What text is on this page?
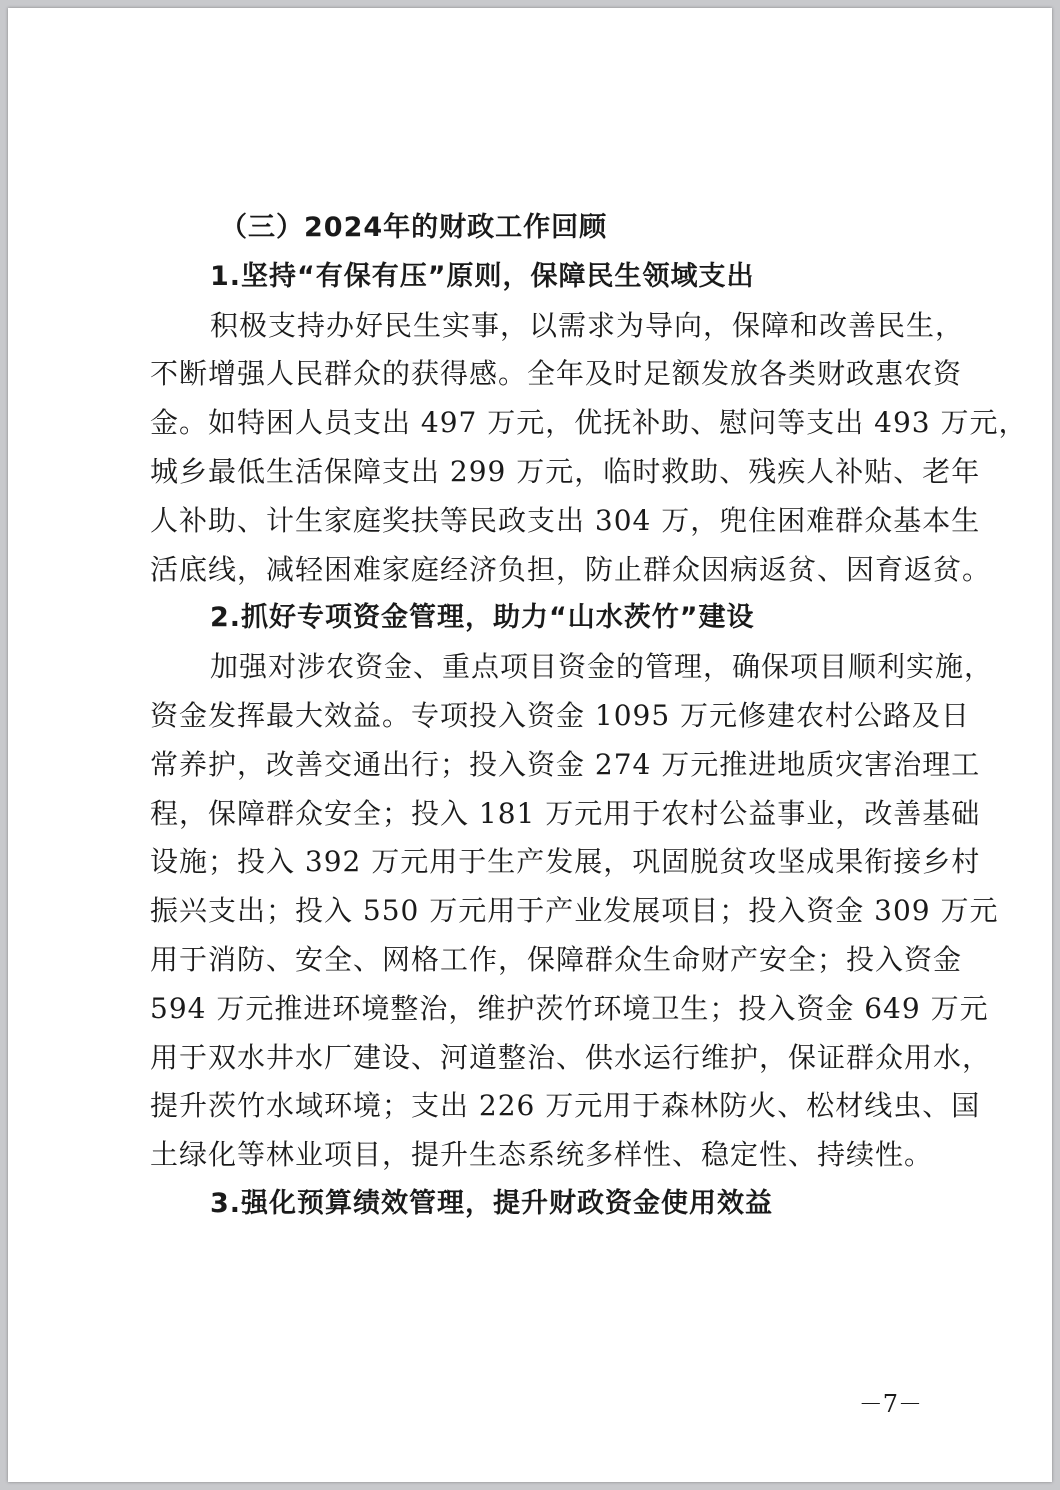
（三）2024年的财政工作回顾
1.坚持“有保有压”原则，保障民生领域支出
积极支持办好民生实事，以需求为导向，保障和改善民生，
不断增强人民群众的获得感。全年及时足额发放各类财政惠农资
金。如特困人员支出 497 万元，优抚补助、慰问等支出 493 万元，
城乡最低生活保障支出 299 万元，临时救助、残疾人补贴、老年
人补助、计生家庭奖扶等民政支出 304 万，兜住困难群众基本生
活底线，减轻困难家庭经济负担，防止群众因病返贫、因育返贫。
2.抓好专项资金管理，助力“山水茨竹”建设
加强对涉农资金、重点项目资金的管理，确保项目顺利实施，
资金发挥最大效益。专项投入资金 1095 万元修建农村公路及日
常养护，改善交通出行；投入资金 274 万元推进地质灾害治理工
程，保障群众安全；投入 181 万元用于农村公益事业，改善基础
设施；投入 392 万元用于生产发展，巩固脱贫攻坚成果衔接乡村
振兴支出；投入 550 万元用于产业发展项目；投入资金 309 万元
用于消防、安全、网格工作，保障群众生命财产安全；投入资金
594 万元推进环境整治，维护茨竹环境卫生；投入资金 649 万元
用于双水井水厂建设、河道整治、供水运行维护，保证群众用水，
提升茨竹水域环境；支出 226 万元用于森林防火、松材线虫、国
土绿化等林业项目，提升生态系统多样性、稳定性、持续性。
3.强化预算绩效管理，提升财政资金使用效益
－7－
